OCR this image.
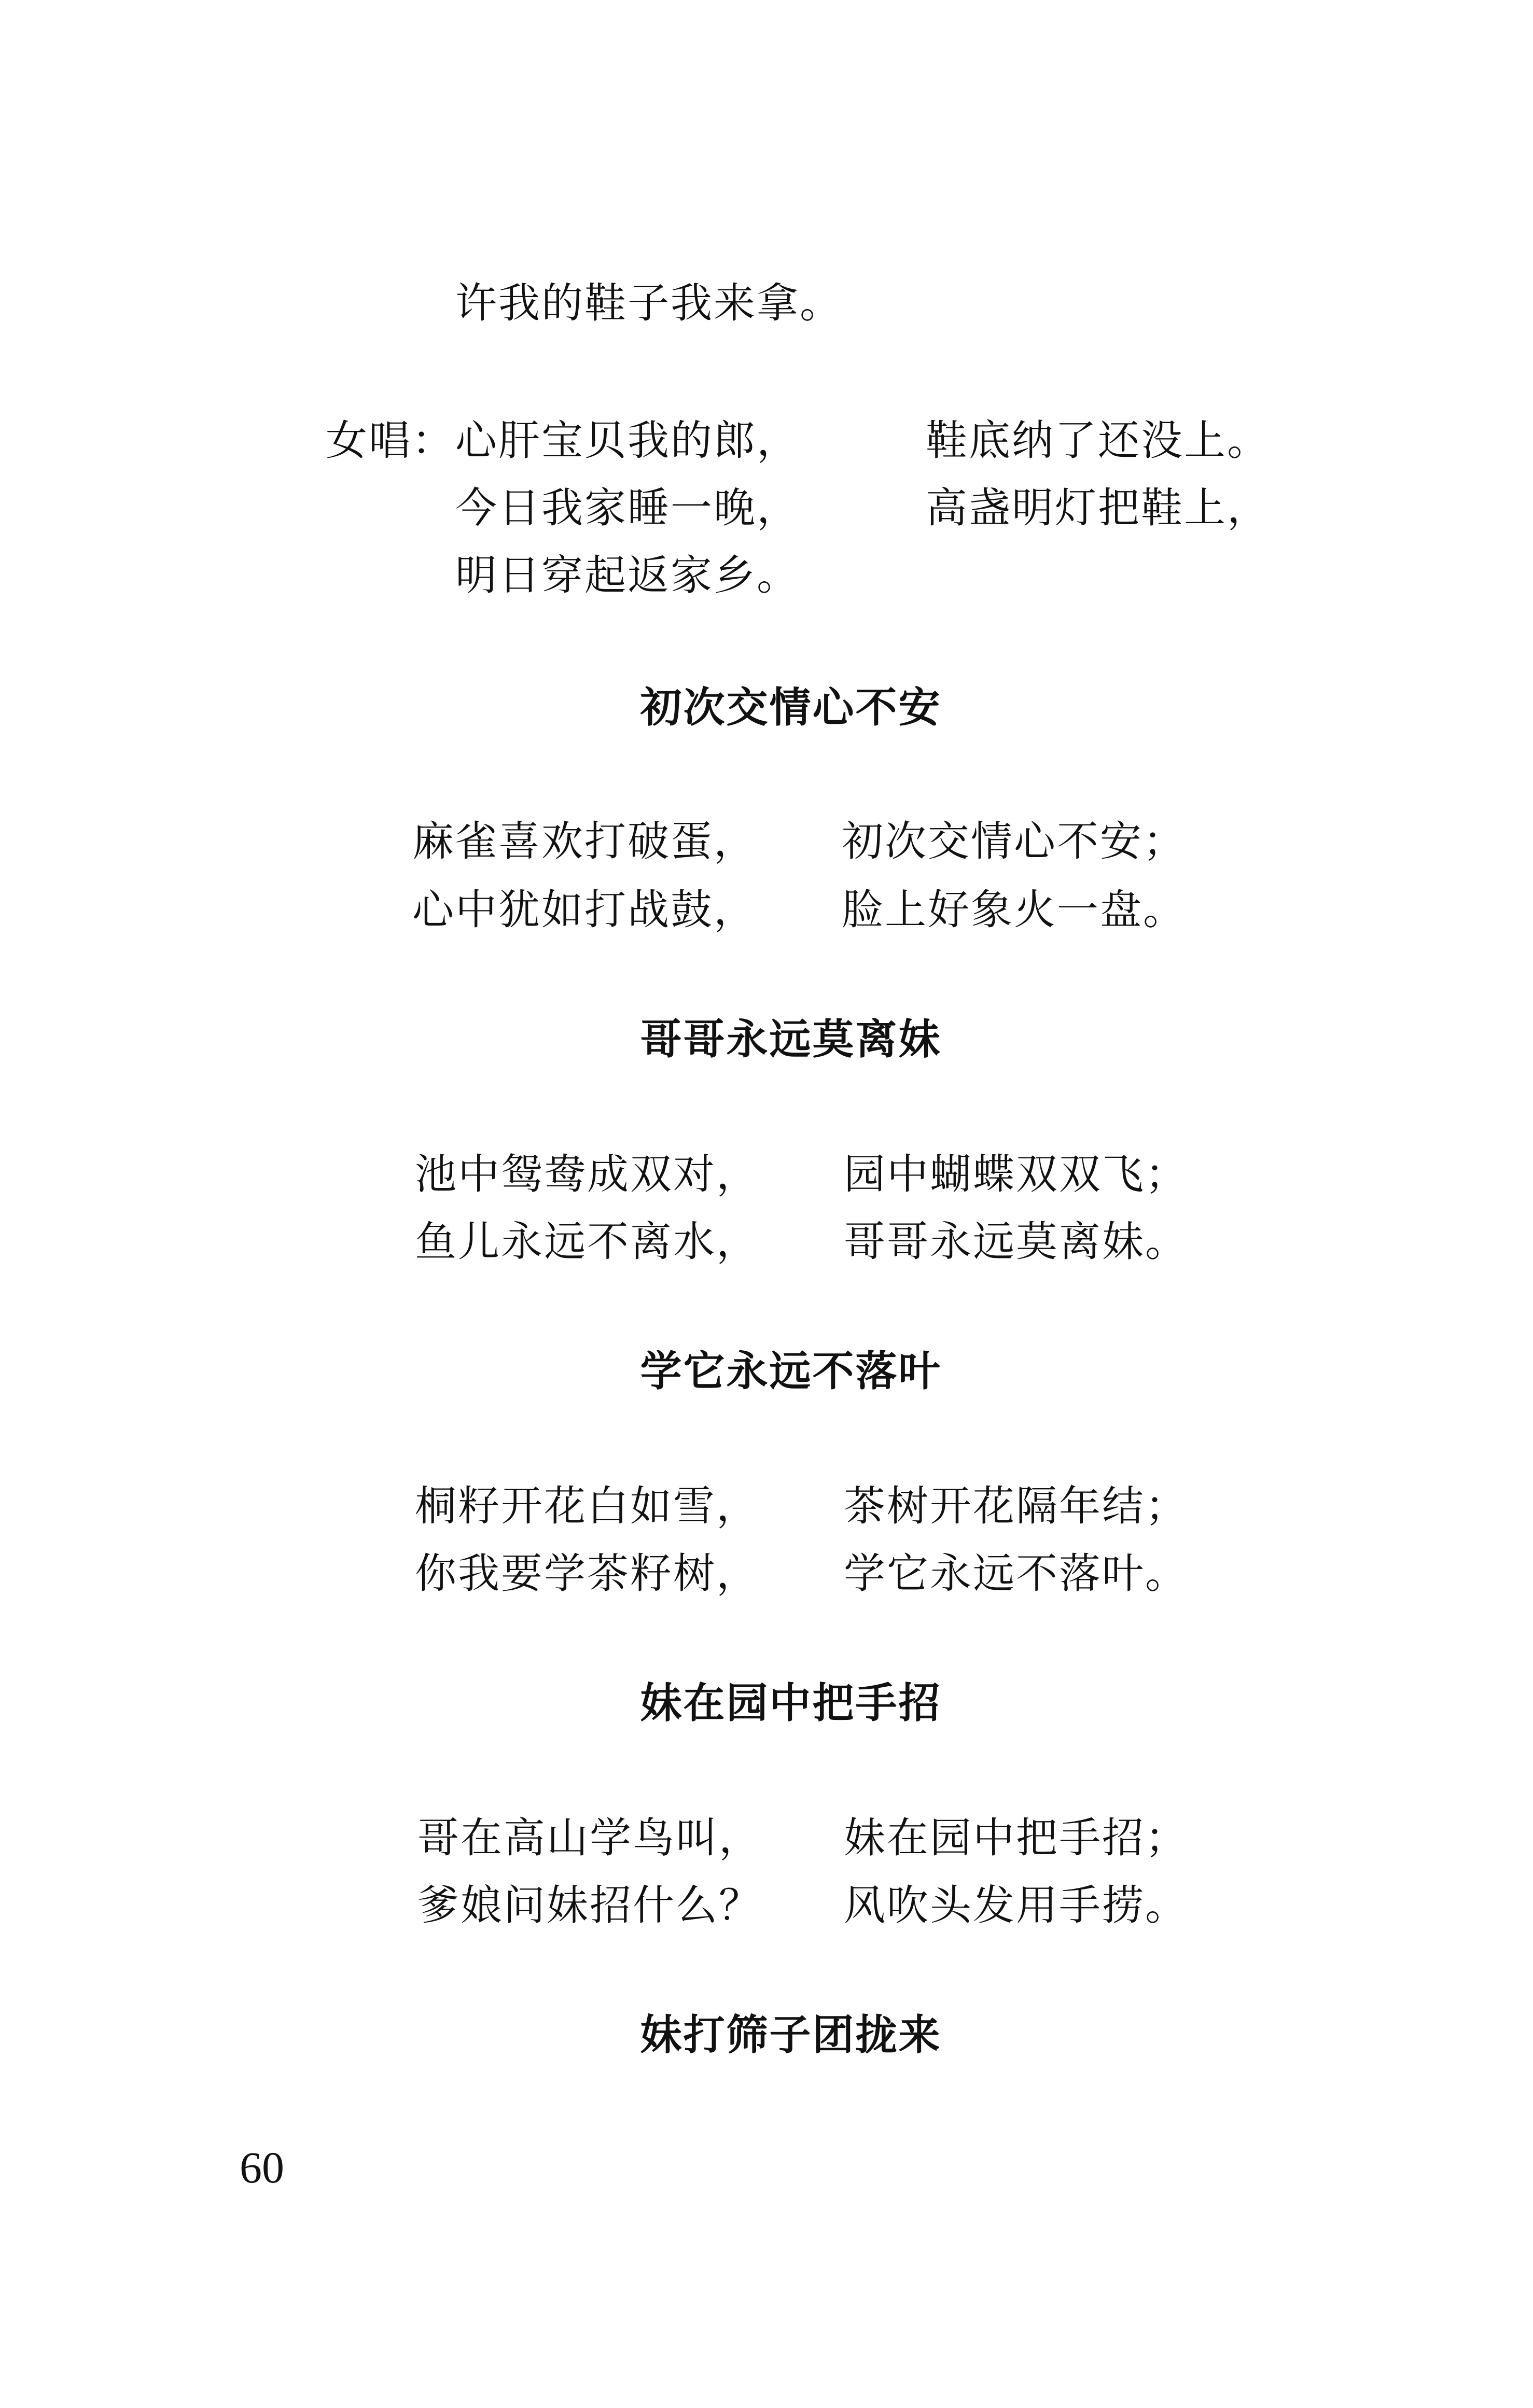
许我的鞋子我来拿。
女唱： 心肝宝贝我的郎，	鞋底纳了还没上。
今日我家睡一晚，	高盏明灯把鞋上，
明日穿起返家乡。
初次交情心不安
麻雀喜欢打破蛋， 初次交情心不安；
心中犹如打战鼓， 脸上好象火一盘。
哥哥永远莫离妹
池中鸳鸯成双对， 园中蝴蝶双双飞；
鱼儿永远不离水， 哥哥永远莫离妹。
学它永远不落叶
桐籽开花白如雪， 茶树开花隔年结；
你我要学茶籽树， 学它永远不落叶。
妹在园中把手招
哥在高山学鸟叫， 妹在园中把手招；
爹娘问妹招什么？ 风吹头发用手捞。
妹打筛子团拢来
60
